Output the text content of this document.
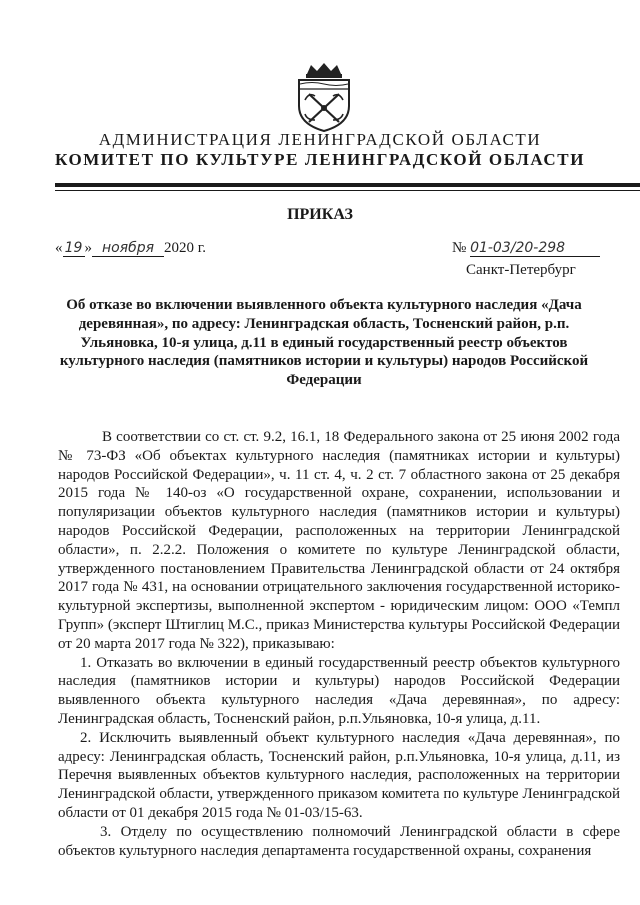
АДМИНИСТРАЦИЯ ЛЕНИНГРАДСКОЙ ОБЛАСТИ
КОМИТЕТ ПО КУЛЬТУРЕ ЛЕНИНГРАДСКОЙ ОБЛАСТИ
ПРИКАЗ
« 19 » ноября 2020 г.	№ 01-03/20-298
Санкт-Петербург
Об отказе во включении выявленного объекта культурного наследия «Дача деревянная», по адресу: Ленинградская область, Тосненский район, р.п. Ульяновка, 10-я улица, д.11 в единый государственный реестр объектов культурного наследия (памятников истории и культуры) народов Российской Федерации

В соответствии со ст. ст. 9.2, 16.1, 18 Федерального закона от 25 июня 2002 года № 73-ФЗ «Об объектах культурного наследия (памятниках истории и культуры) народов Российской Федерации», ч. 11 ст. 4, ч. 2 ст. 7 областного закона от 25 декабря 2015 года № 140-оз «О государственной охране, сохранении, использовании и популяризации объектов культурного наследия (памятников истории и культуры) народов Российской Федерации, расположенных на территории Ленинградской области», п. 2.2.2. Положения о комитете по культуре Ленинградской области, утвержденного постановлением Правительства Ленинградской области от 24 октября 2017 года № 431, на основании отрицательного заключения государственной историко-культурной экспертизы, выполненной экспертом - юридическим лицом: ООО «Темпл Групп» (эксперт Штиглиц М.С., приказ Министерства культуры Российской Федерации от 20 марта 2017 года № 322), приказываю:

1. Отказать во включении в единый государственный реестр объектов культурного наследия (памятников истории и культуры) народов Российской Федерации выявленного объекта культурного наследия «Дача деревянная», по адресу: Ленинградская область, Тосненский район, р.п.Ульяновка, 10-я улица, д.11.

2. Исключить выявленный объект культурного наследия «Дача деревянная», по адресу: Ленинградская область, Тосненский район, р.п.Ульяновка, 10-я улица, д.11, из Перечня выявленных объектов культурного наследия, расположенных на территории Ленинградской области, утвержденного приказом комитета по культуре Ленинградской области от 01 декабря 2015 года № 01-03/15-63.

3. Отделу по осуществлению полномочий Ленинградской области в сфере объектов культурного наследия департамента государственной охраны, сохранения
